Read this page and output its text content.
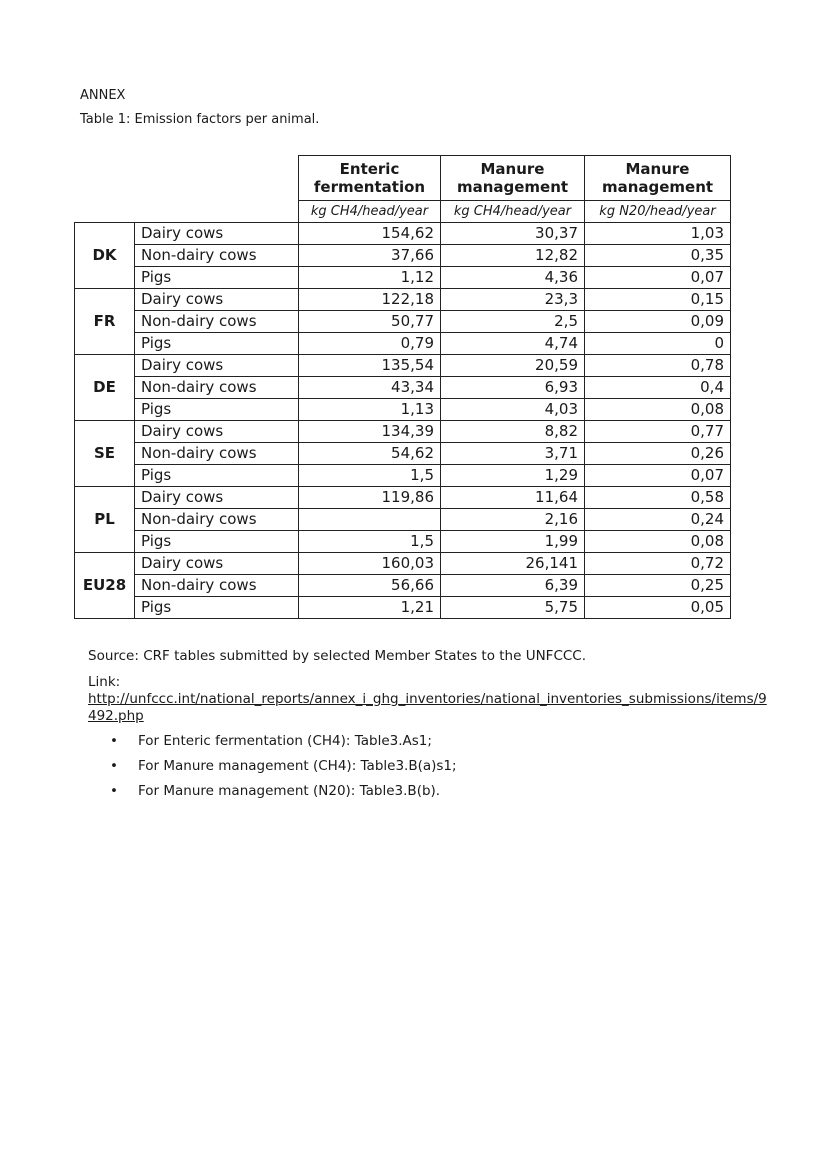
ANNEX
Table 1: Emission factors per animal.
		Enteric fermentation	Manure management	Manure management
		kg CH4/head/year	kg CH4/head/year	kg N20/head/year
DK	Dairy cows	154,62	30,37	1,03
	Non-dairy cows	37,66	12,82	0,35
	Pigs	1,12	4,36	0,07
FR	Dairy cows	122,18	23,3	0,15
	Non-dairy cows	50,77	2,5	0,09
	Pigs	0,79	4,74	0
DE	Dairy cows	135,54	20,59	0,78
	Non-dairy cows	43,34	6,93	0,4
	Pigs	1,13	4,03	0,08
SE	Dairy cows	134,39	8,82	0,77
	Non-dairy cows	54,62	3,71	0,26
	Pigs	1,5	1,29	0,07
PL	Dairy cows	119,86	11,64	0,58
	Non-dairy cows		2,16	0,24
	Pigs	1,5	1,99	0,08
EU28	Dairy cows	160,03	26,141	0,72
	Non-dairy cows	56,66	6,39	0,25
	Pigs	1,21	5,75	0,05
Source: CRF tables submitted by selected Member States to the UNFCCC.
Link:
http://unfccc.int/national_reports/annex_i_ghg_inventories/national_inventories_submissions/items/9492.php
• For Enteric fermentation (CH4): Table3.As1;
• For Manure management (CH4): Table3.B(a)s1;
• For Manure management (N20): Table3.B(b).
